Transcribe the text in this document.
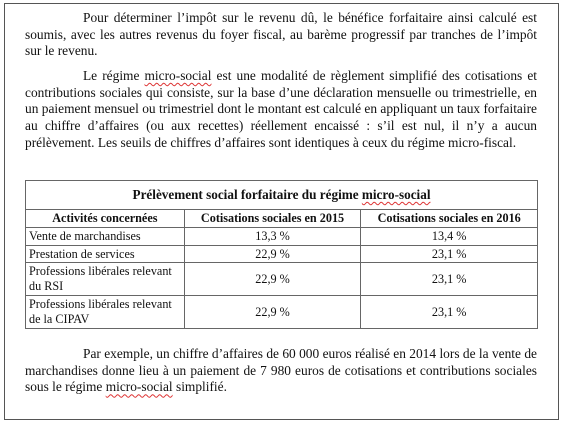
Pour déterminer l’impôt sur le revenu dû, le bénéfice forfaitaire ainsi calculé est soumis, avec les autres revenus du foyer fiscal, au barème progressif par tranches de l’impôt sur le revenu.

Le régime micro-social est une modalité de règlement simplifié des cotisations et contributions sociales qui consiste, sur la base d’une déclaration mensuelle ou trimestrielle, en un paiement mensuel ou trimestriel dont le montant est calculé en appliquant un taux forfaitaire au chiffre d’affaires (ou aux recettes) réellement encaissé : s’il est nul, il n’y a aucun prélèvement. Les seuils de chiffres d’affaires sont identiques à ceux du régime micro-fiscal.

Prélèvement social forfaitaire du régime micro-social		
Activités concernées	Cotisations sociales en 2015	Cotisations sociales en 2016
Vente de marchandises	13,3 %	13,4 %
Prestation de services	22,9 %	23,1 %
Professions libérales relevant du RSI	22,9 %	23,1 %
Professions libérales relevant de la CIPAV	22,9 %	23,1 %

Par exemple, un chiffre d’affaires de 60 000 euros réalisé en 2014 lors de la vente de marchandises donne lieu à un paiement de 7 980 euros de cotisations et contributions sociales sous le régime micro-social simplifié.
